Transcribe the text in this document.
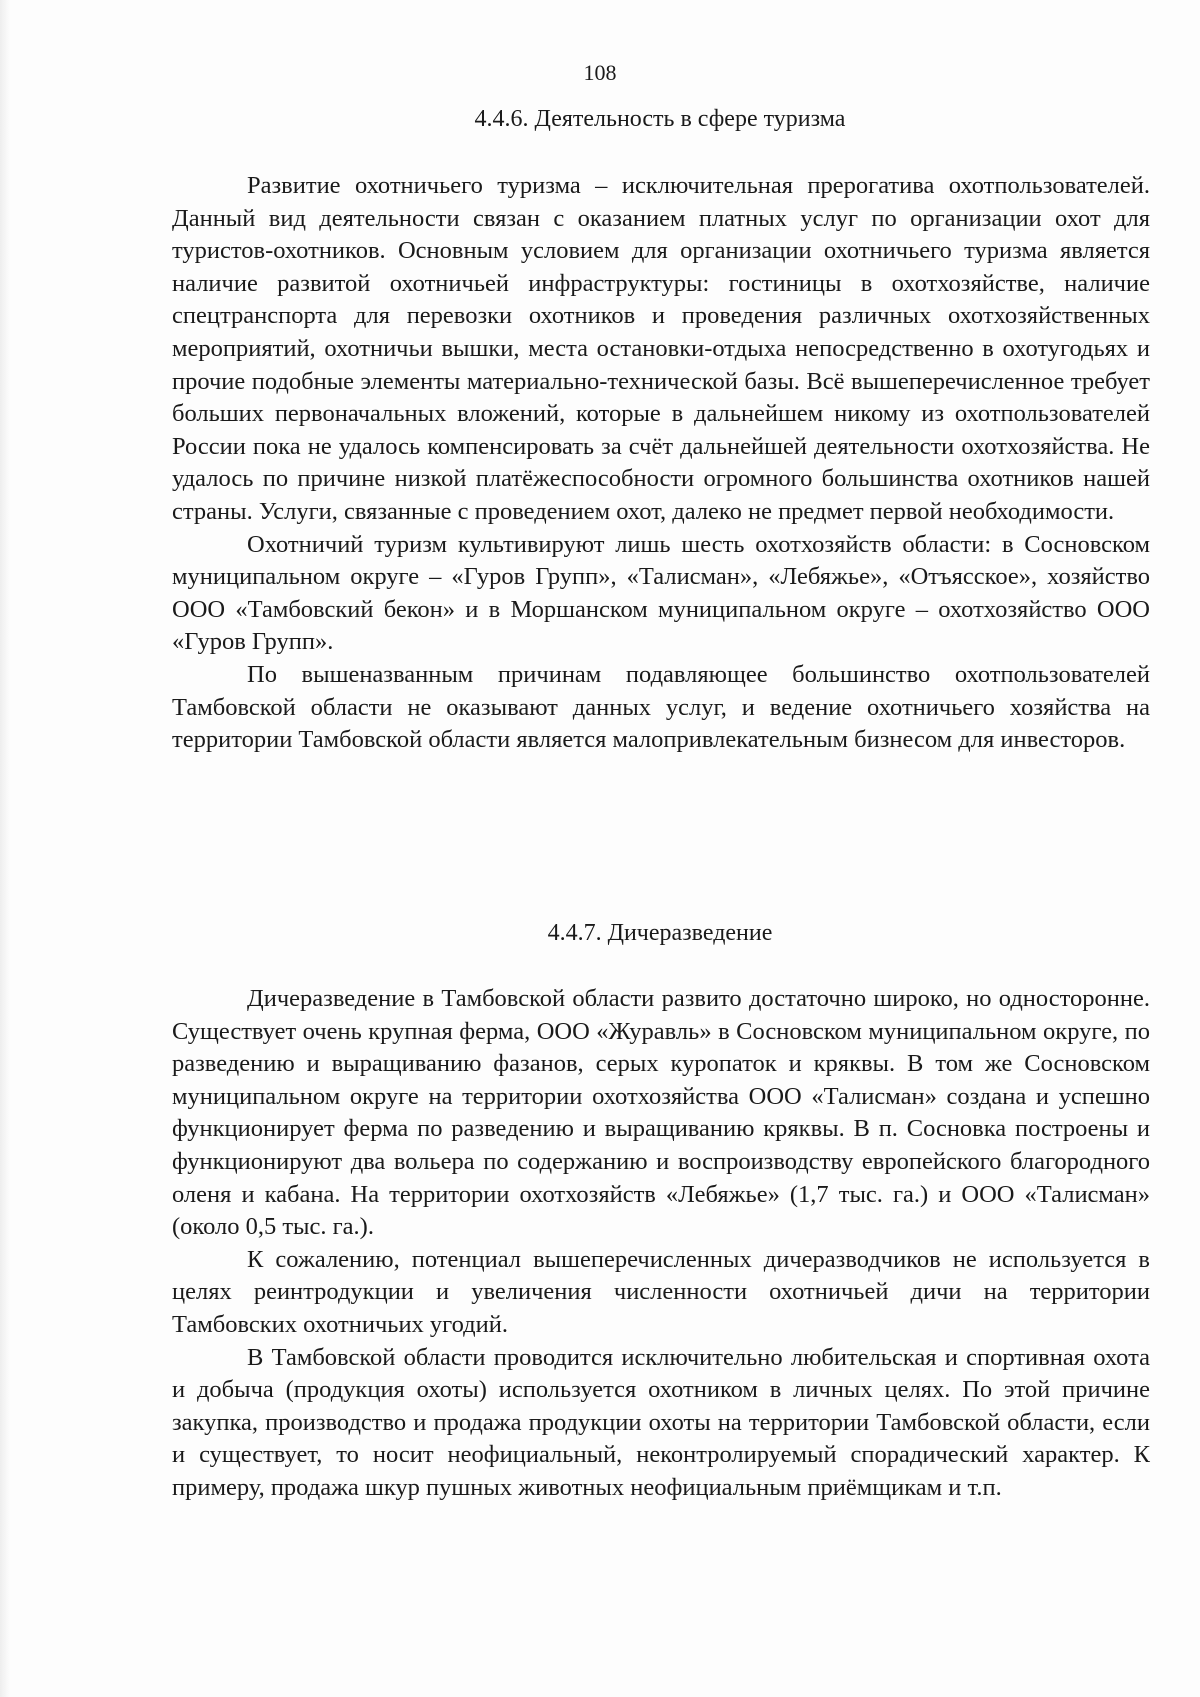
108
4.4.6. Деятельность в сфере туризма

Развитие охотничьего туризма – исключительная прерогатива охотпользователей. Данный вид деятельности связан с оказанием платных услуг по организации охот для туристов-охотников. Основным условием для организации охотничьего туризма является наличие развитой охотничьей инфраструктуры: гостиницы в охотхозяйстве, наличие спецтранспорта для перевозки охотников и проведения различных охотхозяйственных мероприятий, охотничьи вышки, места остановки-отдыха непосредственно в охотугодьях и прочие подобные элементы материально-технической базы. Всё вышеперечисленное требует больших первоначальных вложений, которые в дальнейшем никому из охотпользователей России пока не удалось компенсировать за счёт дальнейшей деятельности охотхозяйства. Не удалось по причине низкой платёжеспособности огромного большинства охотников нашей страны. Услуги, связанные с проведением охот, далеко не предмет первой необходимости.

Охотничий туризм культивируют лишь шесть охотхозяйств области: в Сосновском муниципальном округе – «Гуров Групп», «Талисман», «Лебяжье», «Отъясское», хозяйство ООО «Тамбовский бекон» и в Моршанском муниципальном округе – охотхозяйство ООО «Гуров Групп».

По вышеназванным причинам подавляющее большинство охотпользователей Тамбовской области не оказывают данных услуг, и ведение охотничьего хозяйства на территории Тамбовской области является малопривлекательным бизнесом для инвесторов.

4.4.7. Дичеразведение

Дичеразведение в Тамбовской области развито достаточно широко, но односторонне. Существует очень крупная ферма, ООО «Журавль» в Сосновском муниципальном округе, по разведению и выращиванию фазанов, серых куропаток и кряквы. В том же Сосновском муниципальном округе на территории охотхозяйства ООО «Талисман» создана и успешно функционирует ферма по разведению и выращиванию кряквы. В п. Сосновка построены и функционируют два вольера по содержанию и воспроизводству европейского благородного оленя и кабана. На территории охотхозяйств «Лебяжье» (1,7 тыс. га.) и ООО «Талисман» (около 0,5 тыс. га.).

К сожалению, потенциал вышеперечисленных дичеразводчиков не используется в целях реинтродукции и увеличения численности охотничьей дичи на территории Тамбовских охотничьих угодий.

В Тамбовской области проводится исключительно любительская и спортивная охота и добыча (продукция охоты) используется охотником в личных целях. По этой причине закупка, производство и продажа продукции охоты на территории Тамбовской области, если и существует, то носит неофициальный, неконтролируемый спорадический характер. К примеру, продажа шкур пушных животных неофициальным приёмщикам и т.п.
